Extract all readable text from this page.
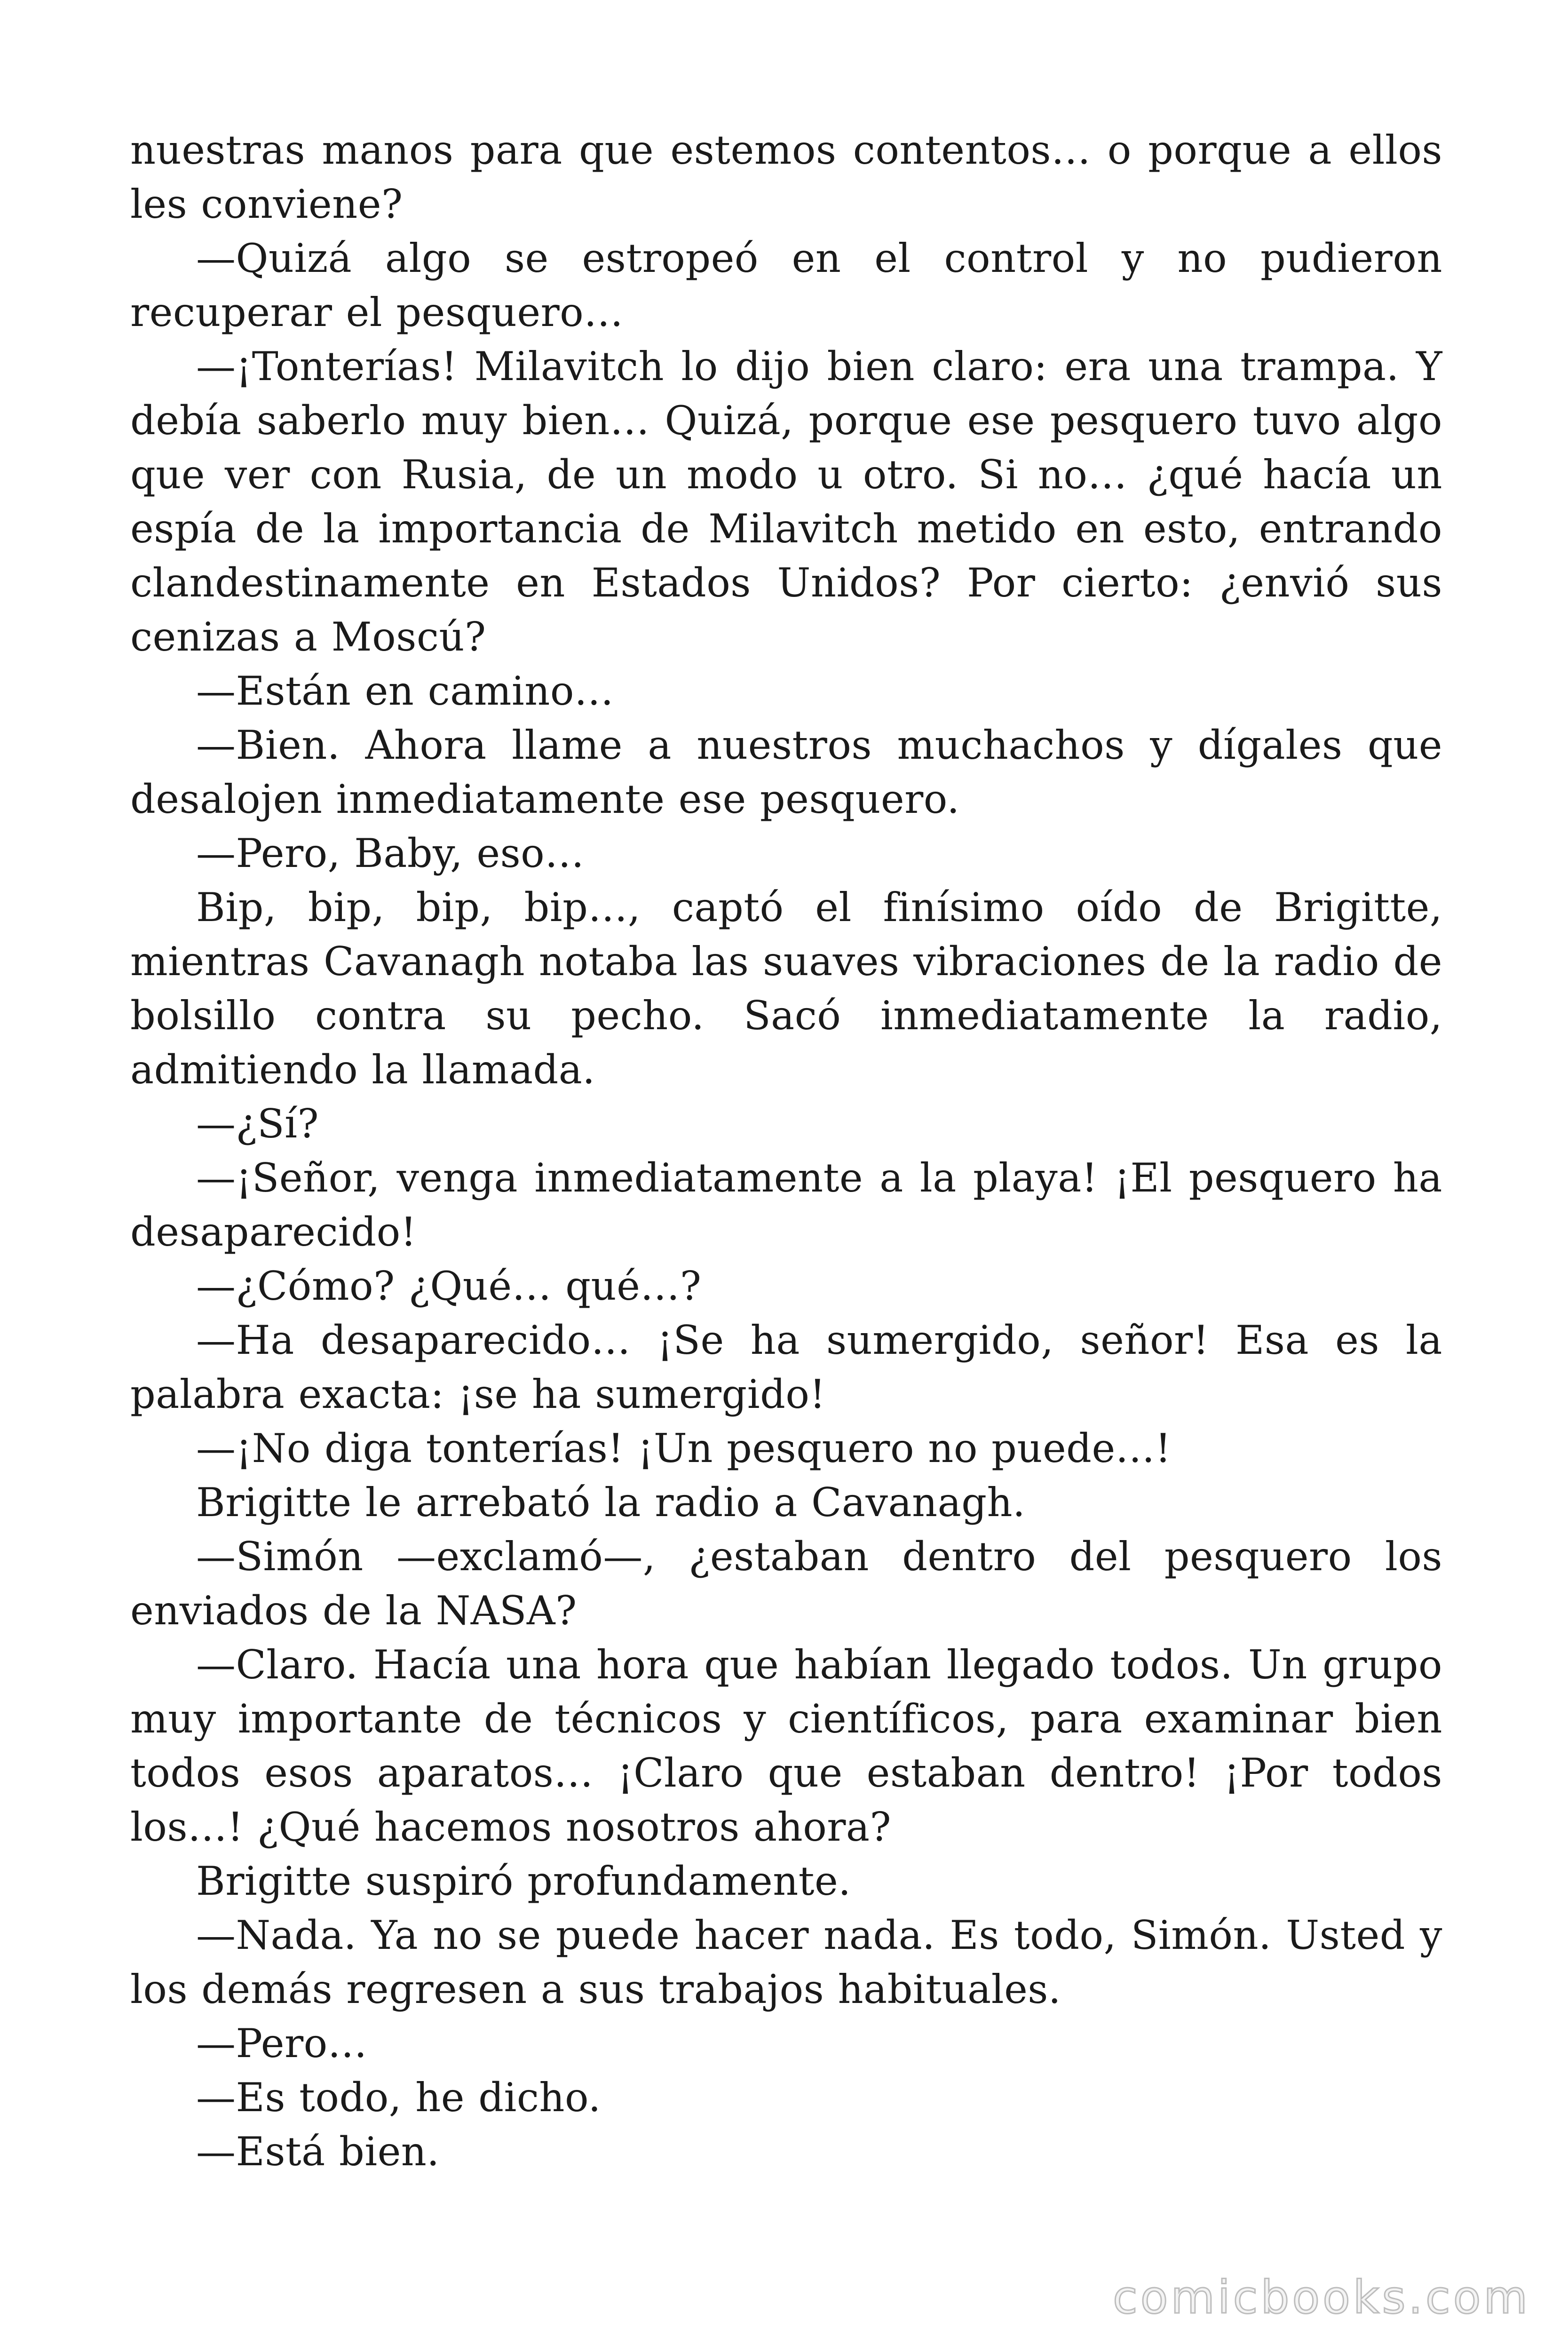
nuestras manos para que estemos contentos… o porque a ellos les conviene?

—Quizá algo se estropeó en el control y no pudieron recuperar el pesquero…

—¡Tonterías! Milavitch lo dijo bien claro: era una trampa. Y debía saberlo muy bien… Quizá, porque ese pesquero tuvo algo que ver con Rusia, de un modo u otro. Si no… ¿qué hacía un espía de la importancia de Milavitch metido en esto, entrando clandestinamente en Estados Unidos? Por cierto: ¿envió sus cenizas a Moscú?

—Están en camino…

—Bien. Ahora llame a nuestros muchachos y dígales que desalojen inmediatamente ese pesquero.

—Pero, Baby, eso…

Bip, bip, bip, bip…, captó el finísimo oído de Brigitte, mientras Cavanagh notaba las suaves vibraciones de la radio de bolsillo contra su pecho. Sacó inmediatamente la radio, admitiendo la llamada.

—¿Sí?

—¡Señor, venga inmediatamente a la playa! ¡El pesquero ha desaparecido!

—¿Cómo? ¿Qué… qué…?

—Ha desaparecido… ¡Se ha sumergido, señor! Esa es la palabra exacta: ¡se ha sumergido!

—¡No diga tonterías! ¡Un pesquero no puede…!

Brigitte le arrebató la radio a Cavanagh.

—Simón —exclamó—, ¿estaban dentro del pesquero los enviados de la NASA?

—Claro. Hacía una hora que habían llegado todos. Un grupo muy importante de técnicos y científicos, para examinar bien todos esos aparatos… ¡Claro que estaban dentro! ¡Por todos los…! ¿Qué hacemos nosotros ahora?

Brigitte suspiró profundamente.

—Nada. Ya no se puede hacer nada. Es todo, Simón. Usted y los demás regresen a sus trabajos habituales.

—Pero…

—Es todo, he dicho.

—Está bien.

comicbooks.com
